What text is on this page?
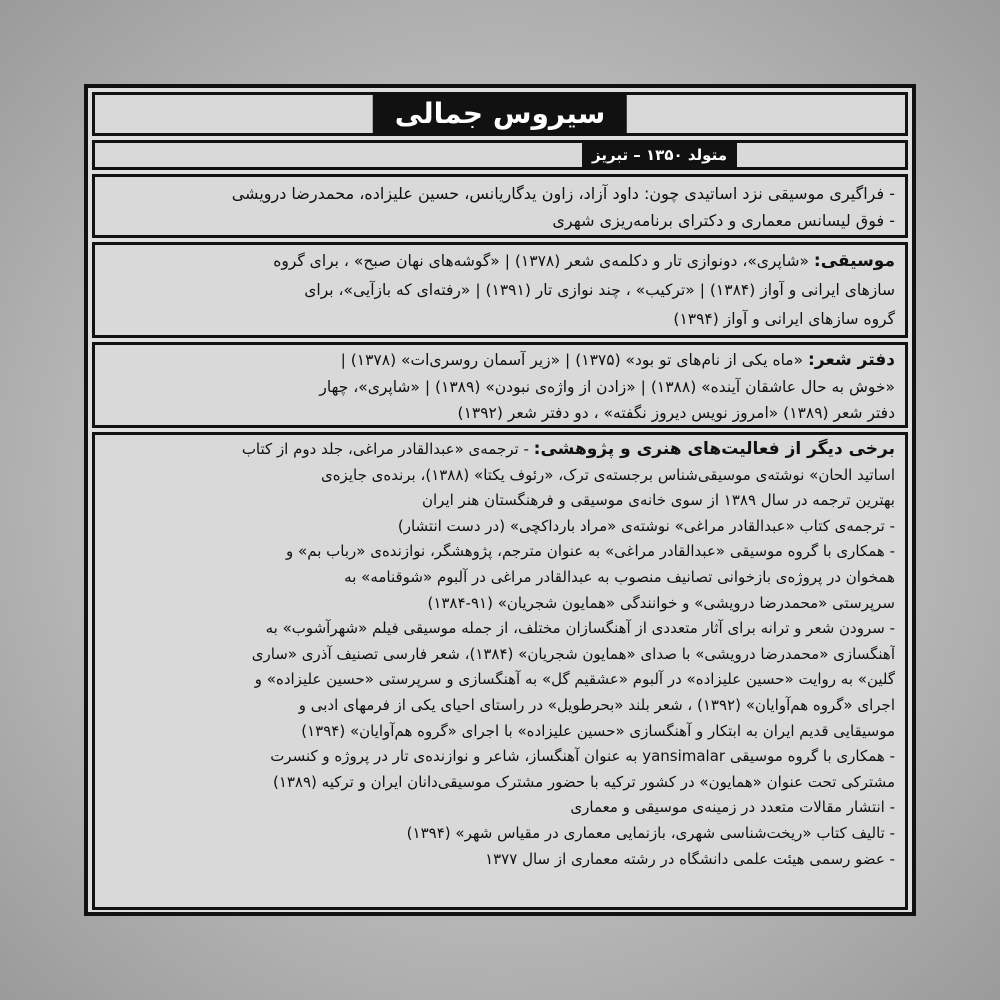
سیروس جمالی
متولد ۱۳۵۰ – تبریز
- فراگیری موسیقی نزد اساتیدی چون: داود آزاد، زاون یدگاریانس، حسین علیزاده، محمدرضا درویشی
- فوق لیسانس معماری و دکترای برنامه‌ریزی شهری
موسیقی: «شاپری»، دونوازی تار و دکلمه‌ی شعر (۱۳۷۸) | «گوشه‌های نهان صبح» ، برای گروه
سازهای ایرانی و آواز (۱۳۸۴) | «ترکیب» ، چند نوازی تار (۱۳۹۱) | «رفته‌ای که بازآیی»، برای
گروه سازهای ایرانی و آواز (۱۳۹۴)
دفتر شعر: «ماه یکی از نام‌های تو بود» (۱۳۷۵) | «زیر آسمان روسری‌ات» (۱۳۷۸) |
«خوش به حال عاشقان آینده» (۱۳۸۸) | «زادن از واژه‌ی نبودن» (۱۳۸۹) | «شاپری»، چهار
دفتر شعر (۱۳۸۹) «امروز نویس دیروز نگفته» ، دو دفتر شعر (۱۳۹۲)
برخی دیگر از فعالیت‌های هنری و پژوهشی: - ترجمه‌ی «عبدالقادر مراغی، جلد دوم از کتاب
اساتید الحان» نوشته‌ی موسیقی‌شناس برجسته‌ی ترک، «رئوف یکتا» (۱۳۸۸)، برنده‌ی جایزه‌ی
بهترین ترجمه در سال ۱۳۸۹ از سوی خانه‌ی موسیقی و فرهنگستان هنر ایران
- ترجمه‌ی کتاب «عبدالقادر مراغی» نوشته‌ی «مراد بارداکچی» (در دست انتشار)
- همکاری با گروه موسیقی «عبدالقادر مراغی» به عنوان مترجم، پژوهشگر، نوازنده‌ی «رباب بم» و
همخوان در پروژه‌ی بازخوانی تصانیف منصوب به عبدالقادر مراغی در آلبوم «شوقنامه» به
سرپرستی «محمدرضا درویشی» و خوانندگی «همایون شجریان» (۹۱-۱۳۸۴)
- سرودن شعر و ترانه برای آثار متعددی از آهنگسازان مختلف، از جمله موسیقی فیلم «شهرآشوب» به
آهنگسازی «محمدرضا درویشی» با صدای «همایون شجریان» (۱۳۸۴)، شعر فارسی تصنیف آذری «ساری
گلین» به روایت «حسین علیزاده» در آلبوم «عشقیم گل» به آهنگسازی و سرپرستی «حسین علیزاده» و
اجرای «گروه هم‌آوایان» (۱۳۹۲) ، شعر بلند «بحرطویل» در راستای احیای یکی از فرمهای ادبی و
موسیقایی قدیم ایران به ابتکار و آهنگسازی «حسین علیزاده» با اجرای «گروه هم‌آوایان» (۱۳۹۴)
- همکاری با گروه موسیقی yansimalar به عنوان آهنگساز، شاعر و نوازنده‌ی تار در پروژه و کنسرت
مشترکی تحت عنوان «همایون» در کشور ترکیه با حضور مشترک موسیقی‌دانان ایران و ترکیه (۱۳۸۹)
- انتشار مقالات متعدد در زمینه‌ی موسیقی و معماری
- تالیف کتاب «ریخت‌شناسی شهری، بازنمایی معماری در مقیاس شهر» (۱۳۹۴)
- عضو رسمی هیئت علمی دانشگاه در رشته معماری از سال ۱۳۷۷
